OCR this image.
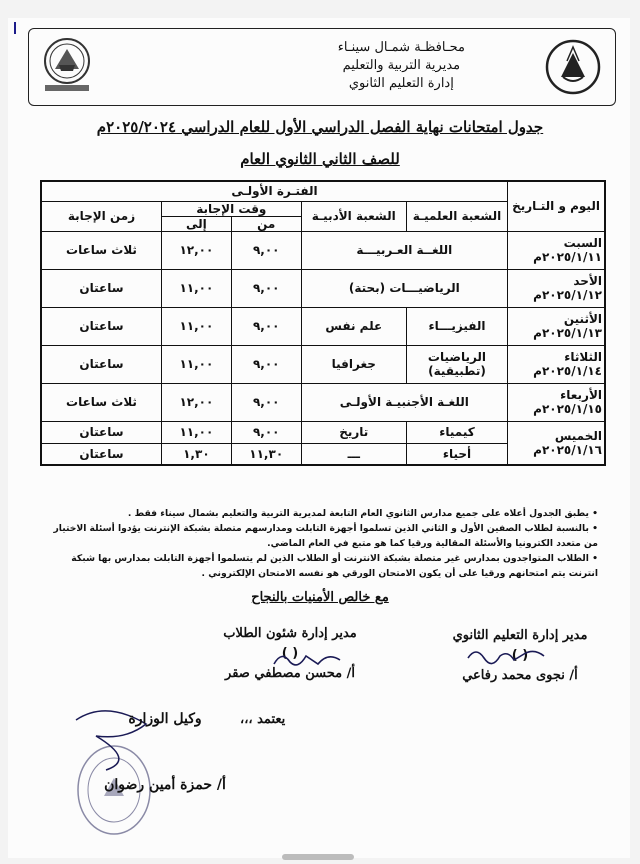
محـافظـة شمـال سينـاء
مديرية التربية والتعليم
إدارة التعليم الثانوي
جدول امتحانات نهاية الفصل الدراسي الأول للعام الدراسي ٢٠٢٥/٢٠٢٤م
للصف الثاني الثانوي العام
اليوم و التـاريخ	الفتـرة الأولـى				
	الشعبة العلميـة	الشعبة الأدبيـة	وقت الإجابة		زمن الإجابة
			من	إلى	

السبت
٢٠٢٥/١/١١م	اللغــة العـربيـــة		٩,٠٠	١٢,٠٠	ثلاث ساعات

الأحد
٢٠٢٥/١/١٢م	الرياضيـــات (بحتة)		٩,٠٠	١١,٠٠	ساعتان

الأثنين
٢٠٢٥/١/١٣م	الفيزيـــاء	علم نفس	٩,٠٠	١١,٠٠	ساعتان

الثلاثاء
٢٠٢٥/١/١٤م	الرياضيات (تطبيقية)	جغرافيا	٩,٠٠	١١,٠٠	ساعتان

الأربعاء
٢٠٢٥/١/١٥م	اللغـة الأجنبيـة الأولـى		٩,٠٠	١٢,٠٠	ثلاث ساعات

الخميس
٢٠٢٥/١/١٦م	كيمياء	تاريخ	٩,٠٠	١١,٠٠	ساعتان
	أحياء	ـــ	١١,٣٠	١,٣٠	ساعتان
• يطبق الجدول أعلاه على جميع مدارس الثانوي العام التابعة لمديرية التربية والتعليم بشمال سيناء فقط .
• بالنسبة لطلاب الصفين الأول و الثاني الذين تسلموا أجهزة التابلت ومدارسهم متصلة بشبكة الإنترنت يؤدوا أسئلة الاختيار من متعدد الكترونيا والأسئلة المقالية ورقيا كما هو متبع في العام الماضي.
• الطلاب المتواجدون بمدارس غير متصلة بشبكة الانترنت أو الطلاب الذين لم يتسلموا أجهزة التابلت بمدارس بها شبكة انترنت يتم امتحانهم ورقيا على أن يكون الامتحان الورقي هو نفسه الامتحان الإلكتروني .
مع خالص الأمنيات بالنجاح
مدير إدارة التعليم الثانوي
( )
أ/ نجوى محمد رفاعي
مدير إدارة شئون الطلاب
( )
أ/ محسن مصطفي صقر
يعتمد ،،،
وكيل الوزارة
أ/ حمزة أمين رضوان
